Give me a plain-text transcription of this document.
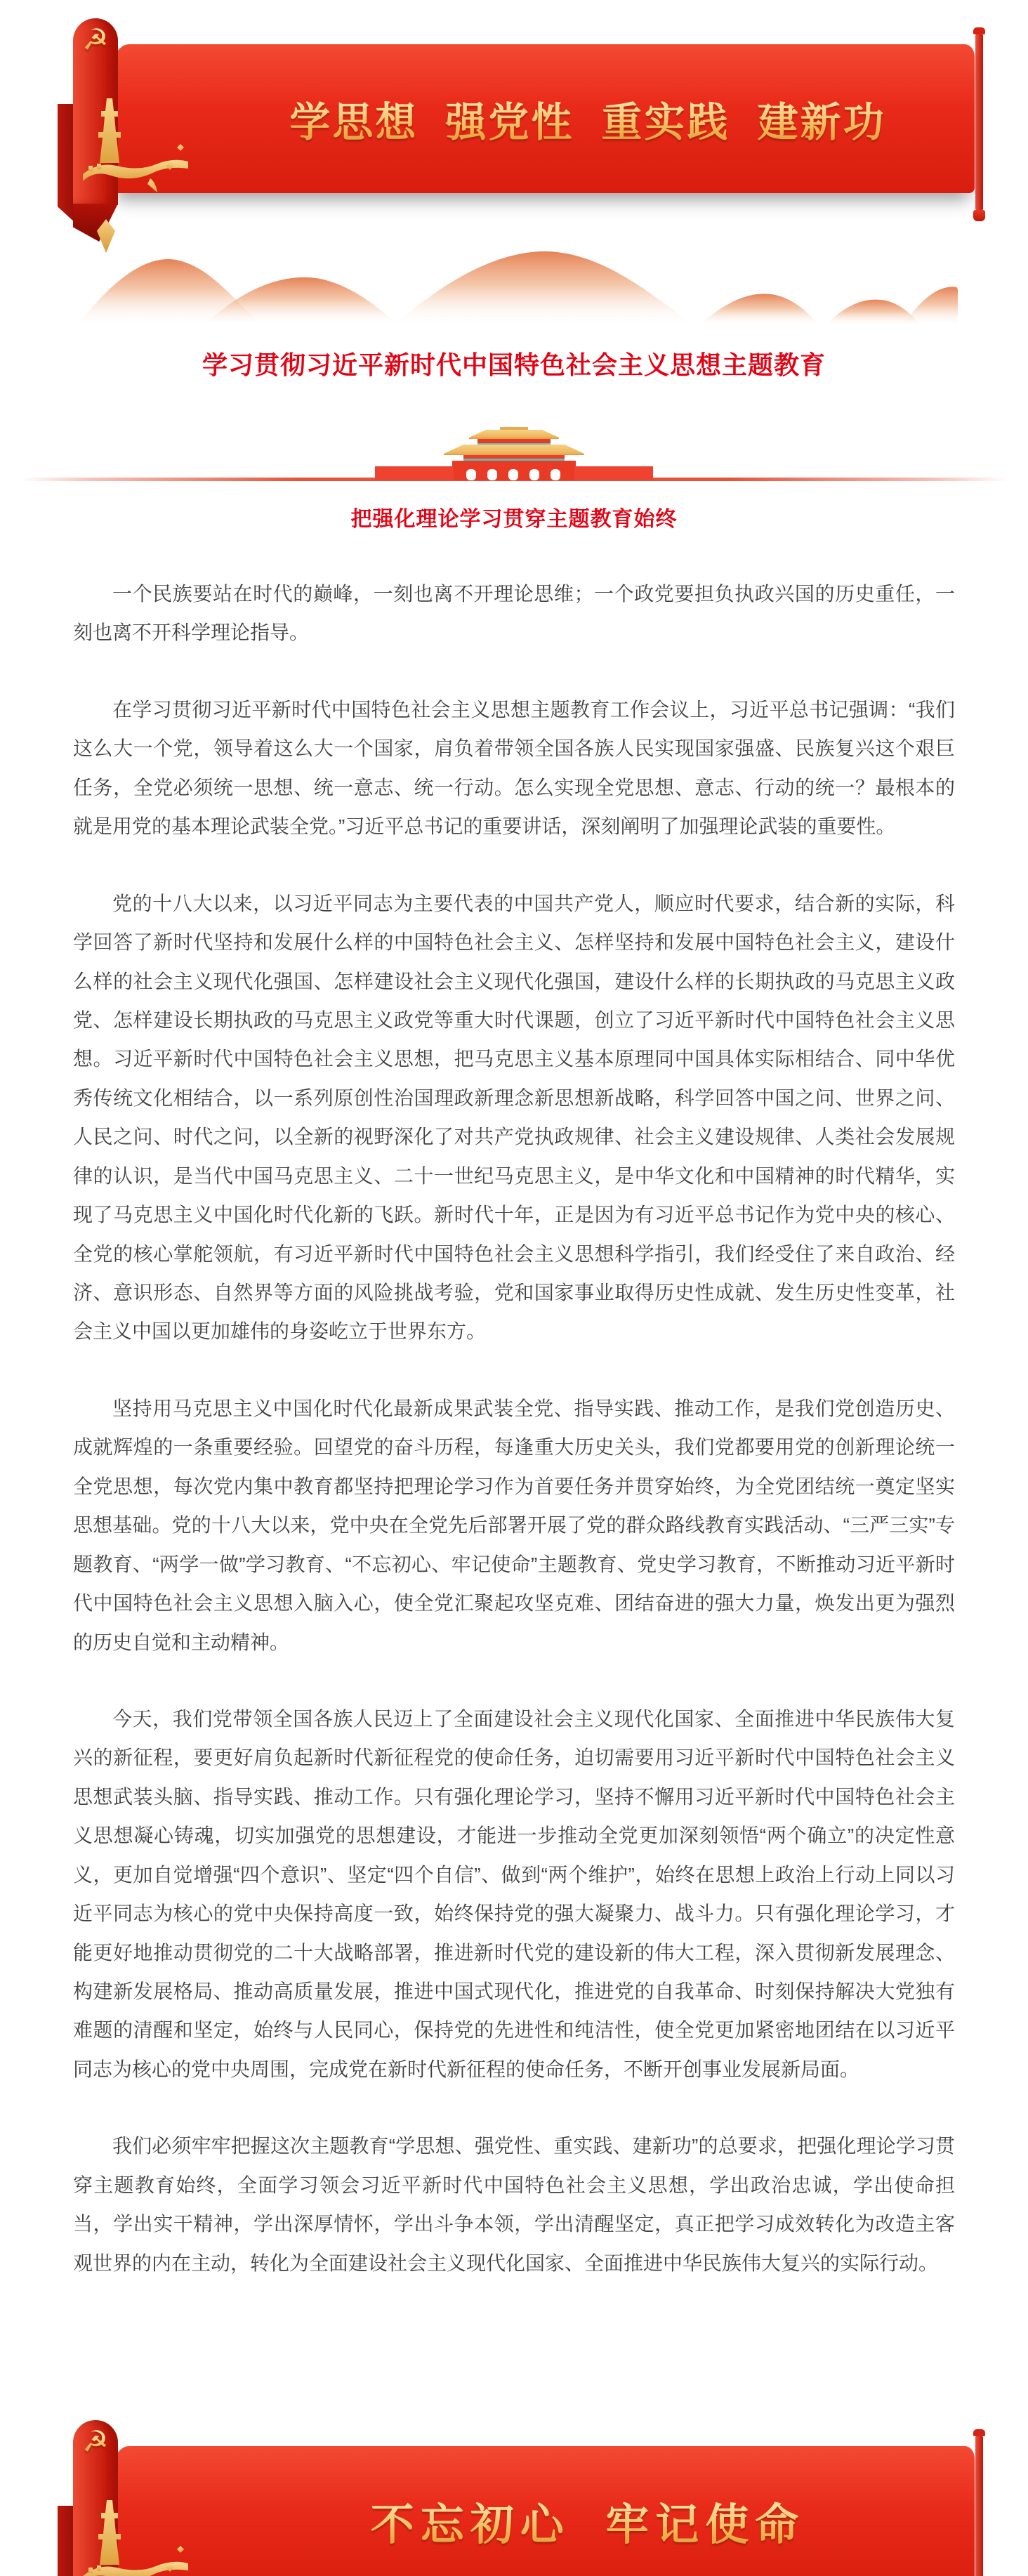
学思想 强党性 重实践 建新功
☭
学习贯彻习近平新时代中国特色社会主义思想主题教育
把强化理论学习贯穿主题教育始终

一个民族要站在时代的巅峰，一刻也离不开理论思维；一个政党要担负执政兴国的历史重任，一刻也离不开科学理论指导。

在学习贯彻习近平新时代中国特色社会主义思想主题教育工作会议上，习近平总书记强调：“我们这么大一个党，领导着这么大一个国家，肩负着带领全国各族人民实现国家强盛、民族复兴这个艰巨任务，全党必须统一思想、统一意志、统一行动。怎么实现全党思想、意志、行动的统一？最根本的就是用党的基本理论武装全党。”习近平总书记的重要讲话，深刻阐明了加强理论武装的重要性。

党的十八大以来，以习近平同志为主要代表的中国共产党人，顺应时代要求，结合新的实际，科学回答了新时代坚持和发展什么样的中国特色社会主义、怎样坚持和发展中国特色社会主义，建设什么样的社会主义现代化强国、怎样建设社会主义现代化强国，建设什么样的长期执政的马克思主义政党、怎样建设长期执政的马克思主义政党等重大时代课题，创立了习近平新时代中国特色社会主义思想。习近平新时代中国特色社会主义思想，把马克思主义基本原理同中国具体实际相结合、同中华优秀传统文化相结合，以一系列原创性治国理政新理念新思想新战略，科学回答中国之问、世界之问、人民之问、时代之问，以全新的视野深化了对共产党执政规律、社会主义建设规律、人类社会发展规律的认识，是当代中国马克思主义、二十一世纪马克思主义，是中华文化和中国精神的时代精华，实现了马克思主义中国化时代化新的飞跃。新时代十年，正是因为有习近平总书记作为党中央的核心、全党的核心掌舵领航，有习近平新时代中国特色社会主义思想科学指引，我们经受住了来自政治、经济、意识形态、自然界等方面的风险挑战考验，党和国家事业取得历史性成就、发生历史性变革，社会主义中国以更加雄伟的身姿屹立于世界东方。

坚持用马克思主义中国化时代化最新成果武装全党、指导实践、推动工作，是我们党创造历史、成就辉煌的一条重要经验。回望党的奋斗历程，每逢重大历史关头，我们党都要用党的创新理论统一全党思想，每次党内集中教育都坚持把理论学习作为首要任务并贯穿始终，为全党团结统一奠定坚实思想基础。党的十八大以来，党中央在全党先后部署开展了党的群众路线教育实践活动、“三严三实”专题教育、“两学一做”学习教育、“不忘初心、牢记使命”主题教育、党史学习教育，不断推动习近平新时代中国特色社会主义思想入脑入心，使全党汇聚起攻坚克难、团结奋进的强大力量，焕发出更为强烈的历史自觉和主动精神。

今天，我们党带领全国各族人民迈上了全面建设社会主义现代化国家、全面推进中华民族伟大复兴的新征程，要更好肩负起新时代新征程党的使命任务，迫切需要用习近平新时代中国特色社会主义思想武装头脑、指导实践、推动工作。只有强化理论学习，坚持不懈用习近平新时代中国特色社会主义思想凝心铸魂，切实加强党的思想建设，才能进一步推动全党更加深刻领悟“两个确立”的决定性意义，更加自觉增强“四个意识”、坚定“四个自信”、做到“两个维护”，始终在思想上政治上行动上同以习近平同志为核心的党中央保持高度一致，始终保持党的强大凝聚力、战斗力。只有强化理论学习，才能更好地推动贯彻党的二十大战略部署，推进新时代党的建设新的伟大工程，深入贯彻新发展理念、构建新发展格局、推动高质量发展，推进中国式现代化，推进党的自我革命、时刻保持解决大党独有难题的清醒和坚定，始终与人民同心，保持党的先进性和纯洁性，使全党更加紧密地团结在以习近平同志为核心的党中央周围，完成党在新时代新征程的使命任务，不断开创事业发展新局面。

我们必须牢牢把握这次主题教育“学思想、强党性、重实践、建新功”的总要求，把强化理论学习贯穿主题教育始终，全面学习领会习近平新时代中国特色社会主义思想，学出政治忠诚，学出使命担当，学出实干精神，学出深厚情怀，学出斗争本领，学出清醒坚定，真正把学习成效转化为改造主客观世界的内在主动，转化为全面建设社会主义现代化国家、全面推进中华民族伟大复兴的实际行动。

不忘初心 牢记使命
☭
